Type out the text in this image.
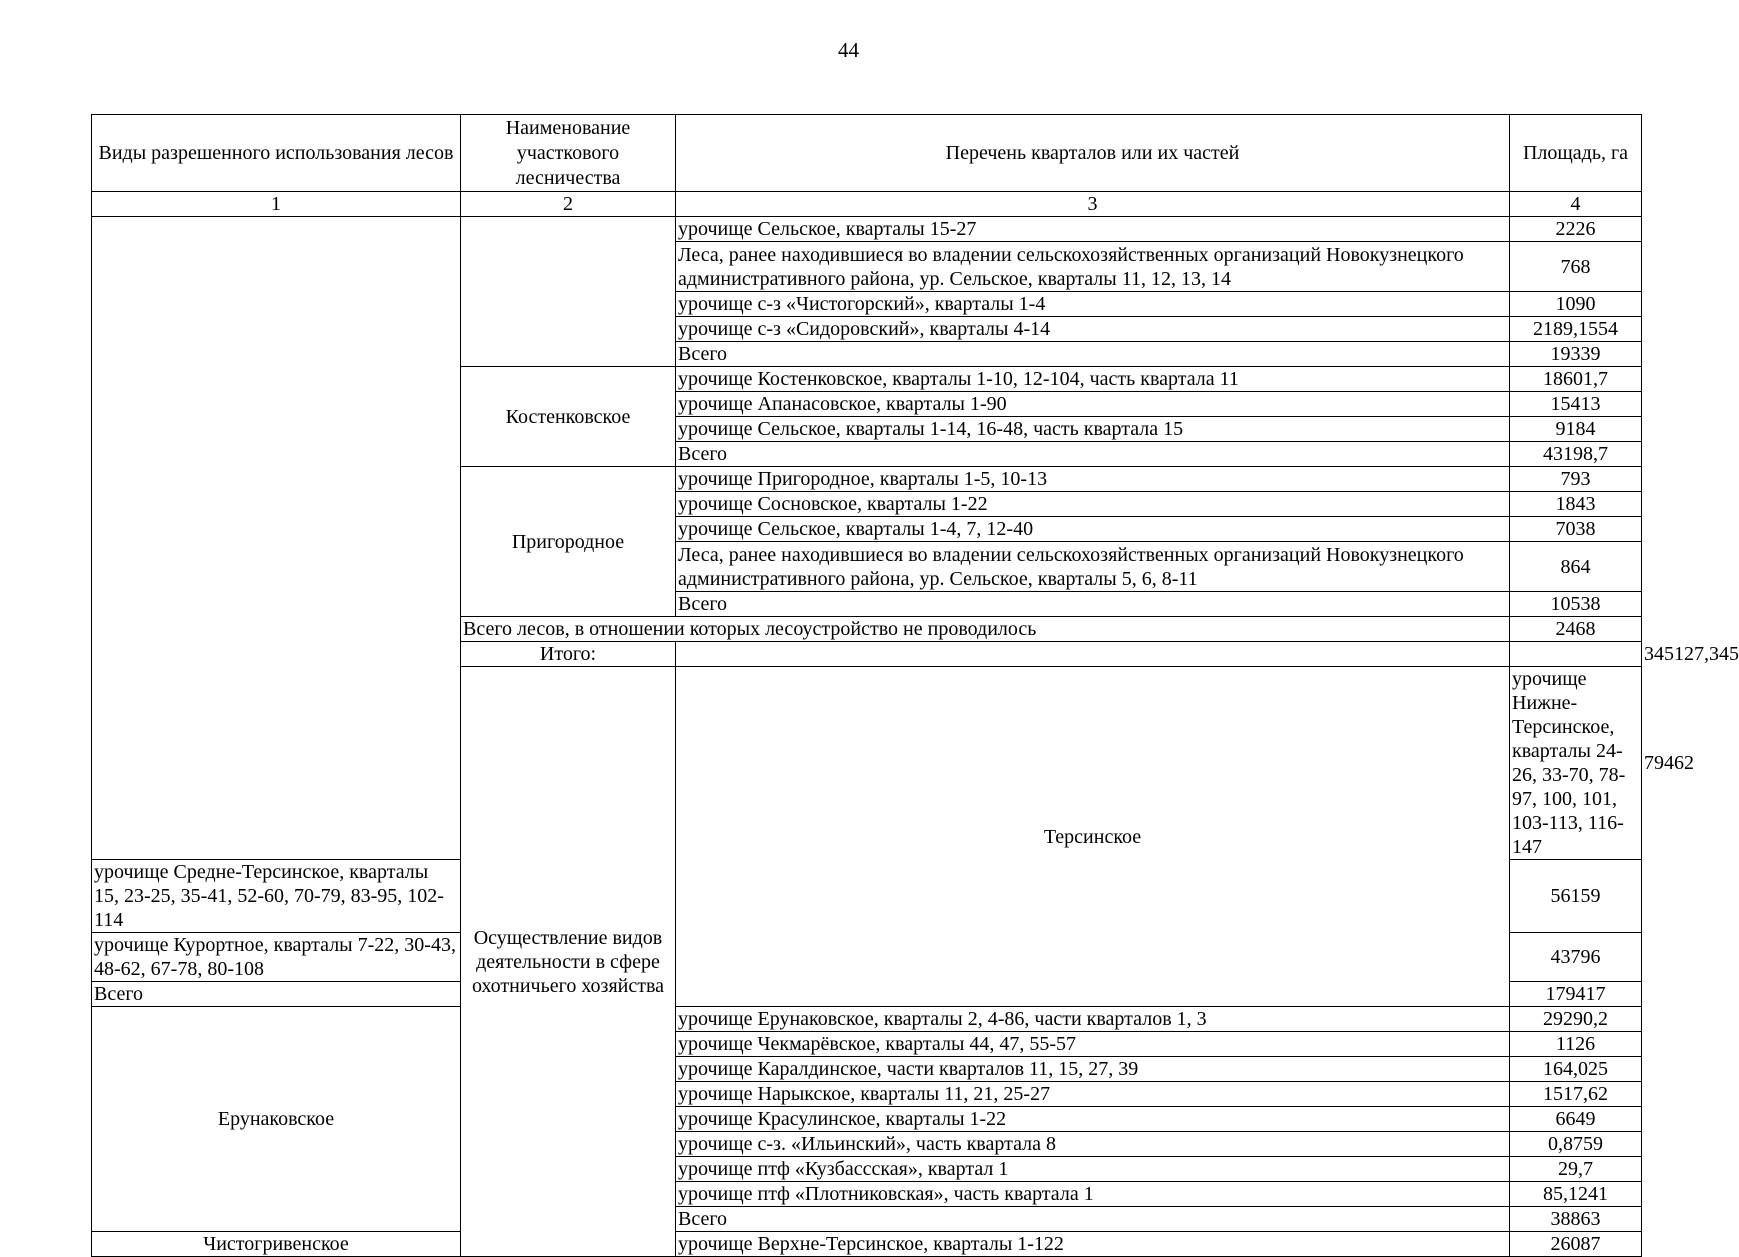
44
Виды разрешенного использования лесов	Наименование участкового лесничества	Перечень кварталов или их частей	Площадь, га	
1	2	3	4	
		урочище Сельское, кварталы 15-27	2226	
		Леса, ранее находившиеся во владении сельскохозяйственных организаций Новокузнецкого административного района, ур. Сельское, кварталы 11, 12, 13, 14	768	
		урочище с-з «Чистогорский», кварталы 1-4	1090	
		урочище с-з «Сидоровский», кварталы 4-14	2189,1554	
		Всего	19339	
	Костенковское	урочище Костенковское, кварталы 1-10, 12-104, часть квартала 11	18601,7	
		урочище Апанасовское, кварталы 1-90	15413	
		урочище Сельское, кварталы 1-14, 16-48, часть квартала 15	9184	
		Всего	43198,7	
	Пригородное	урочище Пригородное, кварталы 1-5, 10-13	793	
		урочище Сосновское, кварталы 1-22	1843	
		урочище Сельское, кварталы 1-4, 7, 12-40	7038	
		Леса, ранее находившиеся во владении сельскохозяйственных организаций Новокузнецкого административного района, ур. Сельское, кварталы 5, 6, 8-11	864	
		Всего	10538	
	Всего лесов, в отношении которых лесоустройство не проводилось		2468	
	Итого:			345127,345
	Осуществление видов деятельности в сфере охотничьего хозяйства	Терсинское	урочище Нижне-Терсинское, кварталы 24-26, 33-70, 78-97, 100, 101, 103-113, 116-147	79462
урочище Средне-Терсинское, кварталы 15, 23-25, 35-41, 52-60, 70-79, 83-95, 102-114			56159	
урочище Курортное, кварталы 7-22, 30-43, 48-62, 67-78, 80-108			43796	
Всего			179417	
Ерунаковское		урочище Ерунаковское, кварталы 2, 4-86, части кварталов 1, 3	29290,2	
		урочище Чекмарёвское, кварталы 44, 47, 55-57	1126	
		урочище Каралдинское, части кварталов 11, 15, 27, 39	164,025	
		урочище Нарыкское, кварталы 11, 21, 25-27	1517,62	
		урочище Красулинское, кварталы 1-22	6649	
		урочище с-з. «Ильинский», часть квартала 8	0,8759	
		урочище птф «Кузбассская», квартал 1	29,7	
		урочище птф «Плотниковская», часть квартала 1	85,1241	
		Всего	38863	
Чистогривенское		урочище Верхне-Терсинское, кварталы 1-122	26087	
